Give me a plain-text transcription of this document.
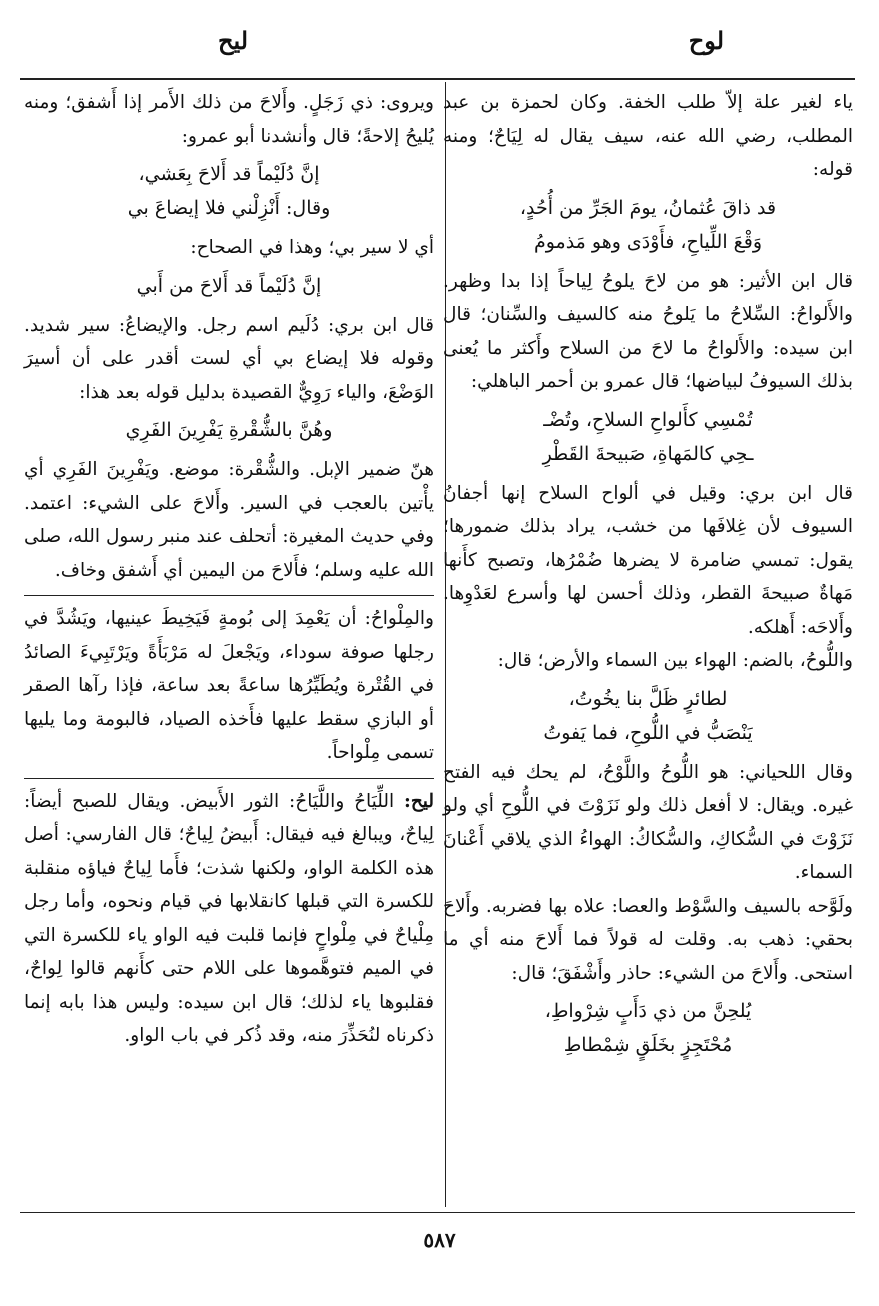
لوح
ليح

ياء لغير علة إلاّ طلب الخفة. وكان لحمزة بن عبد المطلب، رضي الله عنه، سيف يقال له لِيَاحٌ؛ ومنه قوله:

قد ذاقَ عُثمانُ، يومَ الجَرِّ من أُحُدٍ،
وَقْعَ اللِّياحِ، فأَوْدَى وهو مَذمومُ

قال ابن الأثير: هو من لاحَ يلوحُ لِياحاً إذا بدا وظهر. والأَلواحُ: السِّلاحُ ما يَلوحُ منه كالسيف والسِّنان؛ قال ابن سيده: والأَلواحُ ما لاحَ من السلاح وأَكثر ما يُعنى بذلك السيوفُ لبياضها؛ قال عمرو بن أحمر الباهلي:

تُمْسِي كأَلواحِ السلاحِ، وتُضْـ
ـحِي كالمَهاةِ، صَبيحةَ القَطْرِ

قال ابن بري: وقيل في ألواح السلاح إنها أجفانُ السيوف لأن غِلافَها من خشب، يراد بذلك ضمورها؛ يقول: تمسي ضامرة لا يضرها ضُمْرُها، وتصبح كأَنها مَهاةٌ صبيحةَ القطر، وذلك أحسن لها وأسرع لعَدْوِها. وأَلاحَه: أَهلكه.

واللُّوحُ، بالضم: الهواء بين السماء والأرض؛ قال:

لطائرٍ ظَلَّ بنا يخُوتُ،
يَنْصَبُّ في اللُّوحِ، فما يَفوتُ

وقال اللحياني: هو اللُّوحُ واللَّوْحُ، لم يحك فيه الفتح غيره. ويقال: لا أفعل ذلك ولو نَزَوْتَ في اللُّوحِ أي ولو نَزَوْتَ في السُّكاكِ، والسُّكاكُ: الهواءُ الذي يلاقي أَعْنانَ السماء.

ولَوَّحه بالسيف والسَّوْط والعصا: علاه بها فضربه. وأَلاحَ بحقي: ذهب به. وقلت له قولاً فما أَلاحَ منه أي ما استحى. وأَلاحَ من الشيء: حاذر وأَشْفَقَ؛ قال:

يُلحِنَّ من ذي دَأَبٍ شِرْواطِ،
مُحْتَجِزٍ بخَلَقٍ شِمْطاطِ

ويروى: ذي زَجَلٍ. وأَلاحَ من ذلك الأَمر إذا أَشفق؛ ومنه يُليحُ إلاحةً؛ قال وأنشدنا أبو عمرو:

إنَّ دُلَيْماً قد أَلاحَ بِعَشي،
وقال: أَنْزِلْني فلا إيضاعَ بي

أي لا سير بي؛ وهذا في الصحاح:

إنَّ دُلَيْماً قد أَلاحَ من أَبي

قال ابن بري: دُلَيم اسم رجل. والإيضاعُ: سير شديد. وقوله فلا إيضاع بي أي لست أقدر على أن أسيرَ الوَضْعَ، والياء رَوِيٌّ القصيدة بدليل قوله بعد هذا:

وهُنَّ بالشُّقْرةِ يَفْرِينَ الفَرِي

هنّ ضمير الإبل. والشُّقْرة: موضع. ويَفْرِينَ الفَرِي أي يأْتين بالعجب في السير. وأَلاحَ على الشيء: اعتمد. وفي حديث المغيرة: أتحلف عند منبر رسول الله، صلى الله عليه وسلم؛ فأَلاحَ من اليمين أي أَشفق وخاف.

والمِلْواحُ: أن يَعْمِدَ إلى بُومةٍ فَيَخِيطَ عينيها، ويَشُدَّ في رجلها صوفة سوداء، ويَجْعلَ له مَرْبَأَةً ويَرْتَبِيءَ الصائدُ في القُتْرة ويُطَيِّرُها ساعةً بعد ساعة، فإذا رآها الصقر أو البازي سقط عليها فأَخذه الصياد، فالبومة وما يليها تسمى مِلْواحاً.

ليح: اللِّيَاحُ واللَّيَاحُ: الثور الأَبيض. ويقال للصبح أيضاً: لِياحٌ، ويبالغ فيه فيقال: أَبيضُ لِياحٌ؛ قال الفارسي: أصل هذه الكلمة الواو، ولكنها شذت؛ فأَما لِياحٌ فياؤه منقلبة للكسرة التي قبلها كانقلابها في قيام ونحوه، وأما رجل مِلْياحٌ في مِلْواحٍ فإنما قلبت فيه الواو ياء للكسرة التي في الميم فتوهَّموها على اللام حتى كأَنهم قالوا لِواحٌ، فقلبوها ياء لذلك؛ قال ابن سيده: وليس هذا بابه إنما ذكرناه لنُحَذِّرَ منه، وقد ذُكر في باب الواو.

٥٨٧
